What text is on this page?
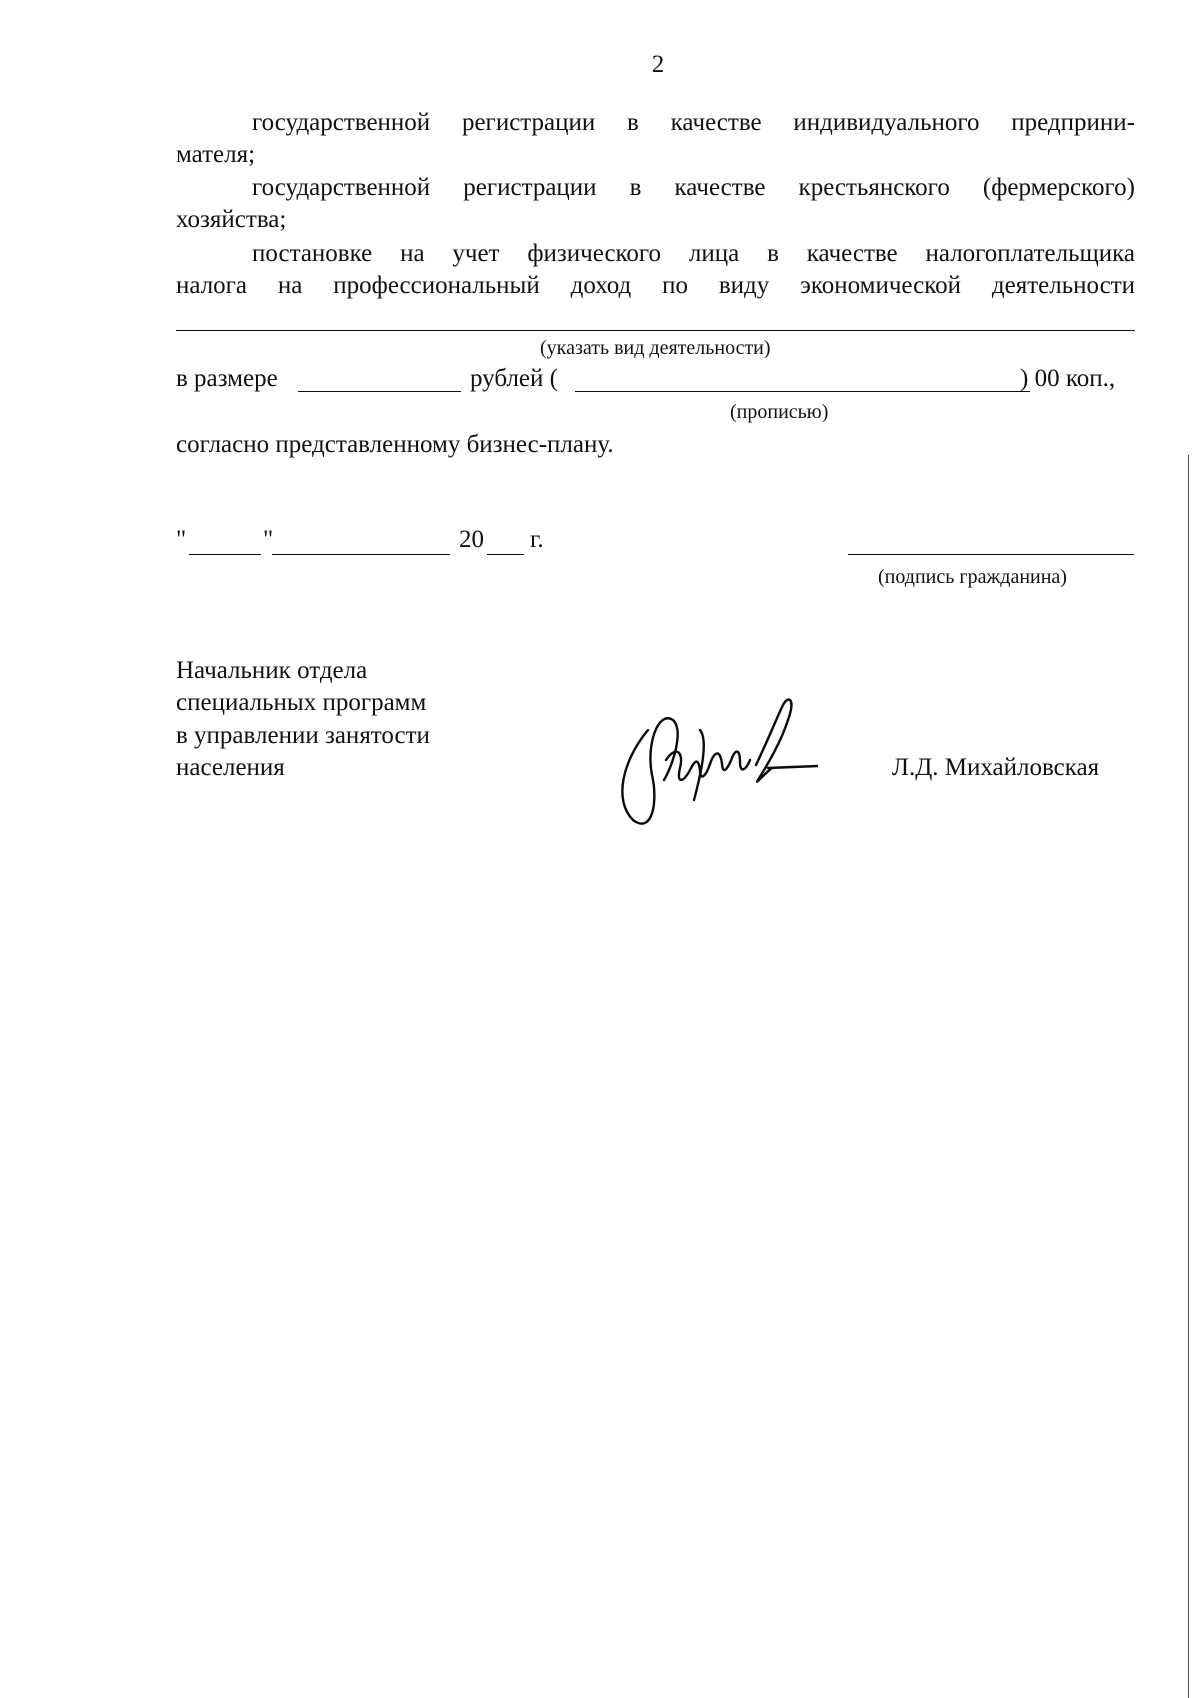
2
государственной регистрации в качестве индивидуального предприни-
мателя;
государственной регистрации в качестве крестьянского (фермерского)
хозяйства;
постановке на учет физического лица в качестве налогоплательщика
налога на профессиональный доход по виду экономической деятельности
(указать вид деятельности)
в размере	рублей (	) 00 коп.,
(прописью)
согласно представленному бизнес-плану.
"	"	20 г.
(подпись гражданина)
Начальник отдела
специальных программ
в управлении занятости
населения	Л.Д. Михайловская
